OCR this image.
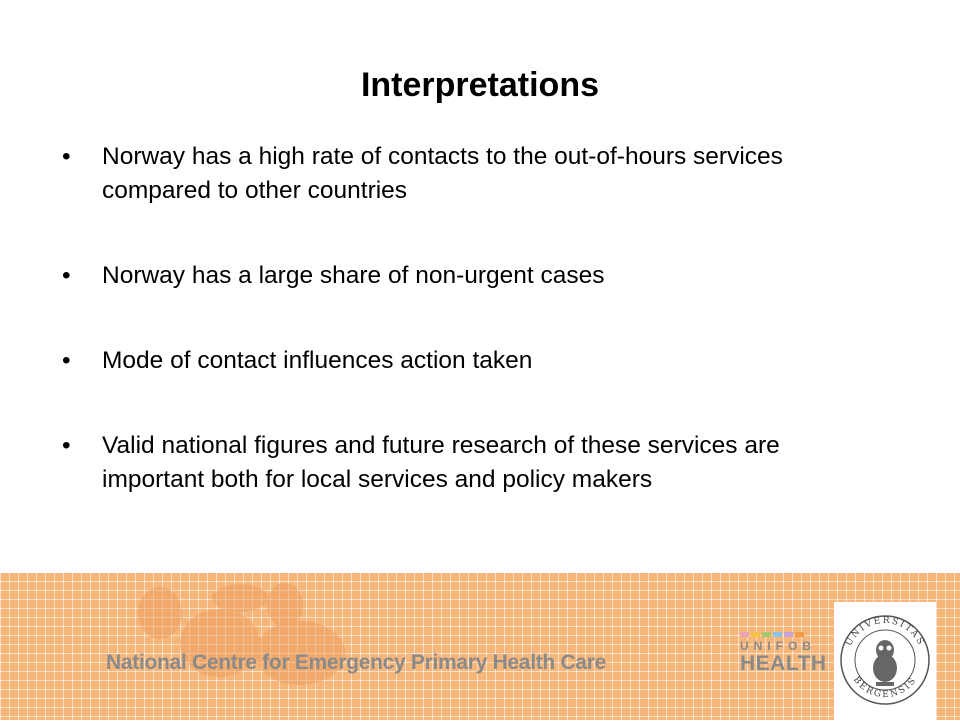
Interpretations
• Norway has a high rate of contacts to the out-of-hours services compared to other countries
• Norway has a large share of non-urgent cases
• Mode of contact influences action taken
• Valid national figures and future research of these services are important both for local services and policy makers
National Centre for Emergency Primary Health Care
UNIFOB
HEALTH
UNIVERSITAS
BERGENSIS
